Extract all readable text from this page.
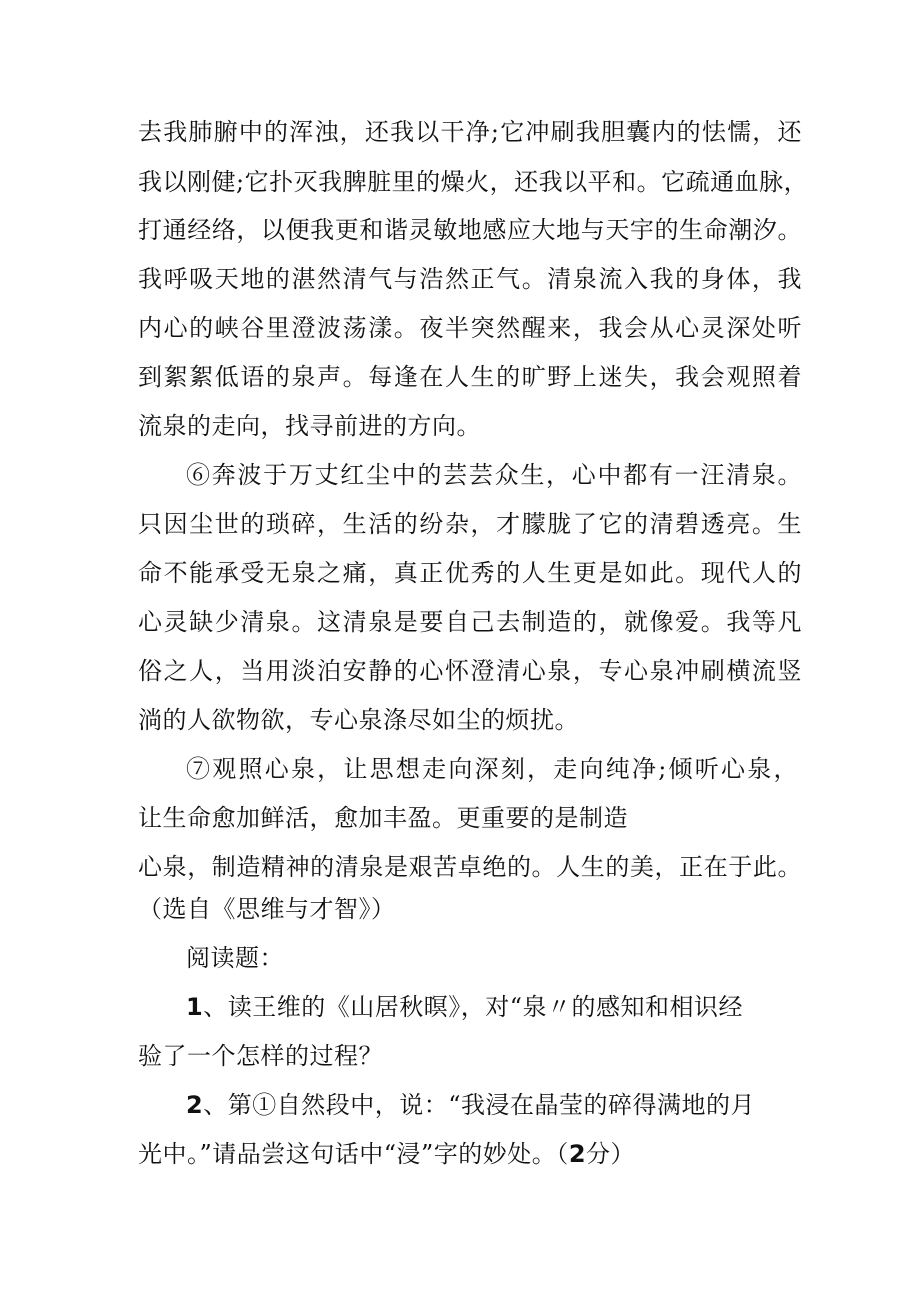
去我肺腑中的浑浊，还我以干净;它冲刷我胆囊内的怯懦，还
我以刚健;它扑灭我脾脏里的燥火，还我以平和。它疏通血脉，
打通经络，以便我更和谐灵敏地感应大地与天宇的生命潮汐。
我呼吸天地的湛然清气与浩然正气。清泉流入我的身体，我
内心的峡谷里澄波荡漾。夜半突然醒来，我会从心灵深处听
到絮絮低语的泉声。每逢在人生的旷野上迷失，我会观照着
流泉的走向，找寻前进的方向。
⑥奔波于万丈红尘中的芸芸众生，心中都有一汪清泉。
只因尘世的琐碎，生活的纷杂，才朦胧了它的清碧透亮。生
命不能承受无泉之痛，真正优秀的人生更是如此。现代人的
心灵缺少清泉。这清泉是要自己去制造的，就像爱。我等凡
俗之人，当用淡泊安静的心怀澄清心泉，专心泉冲刷横流竖
淌的人欲物欲，专心泉涤尽如尘的烦扰。
⑦观照心泉，让思想走向深刻，走向纯净;倾听心泉，
让生命愈加鲜活，愈加丰盈。更重要的是制造
心泉，制造精神的清泉是艰苦卓绝的。人生的美，正在于此。
（选自《思维与才智》）
阅读题：
1、读王维的《山居秋暝》，对“泉〃的感知和相识经
验了一个怎样的过程？
2、第①自然段中，说：“我浸在晶莹的碎得满地的月
光中。”请品尝这句话中“浸”字的妙处。（2分）
